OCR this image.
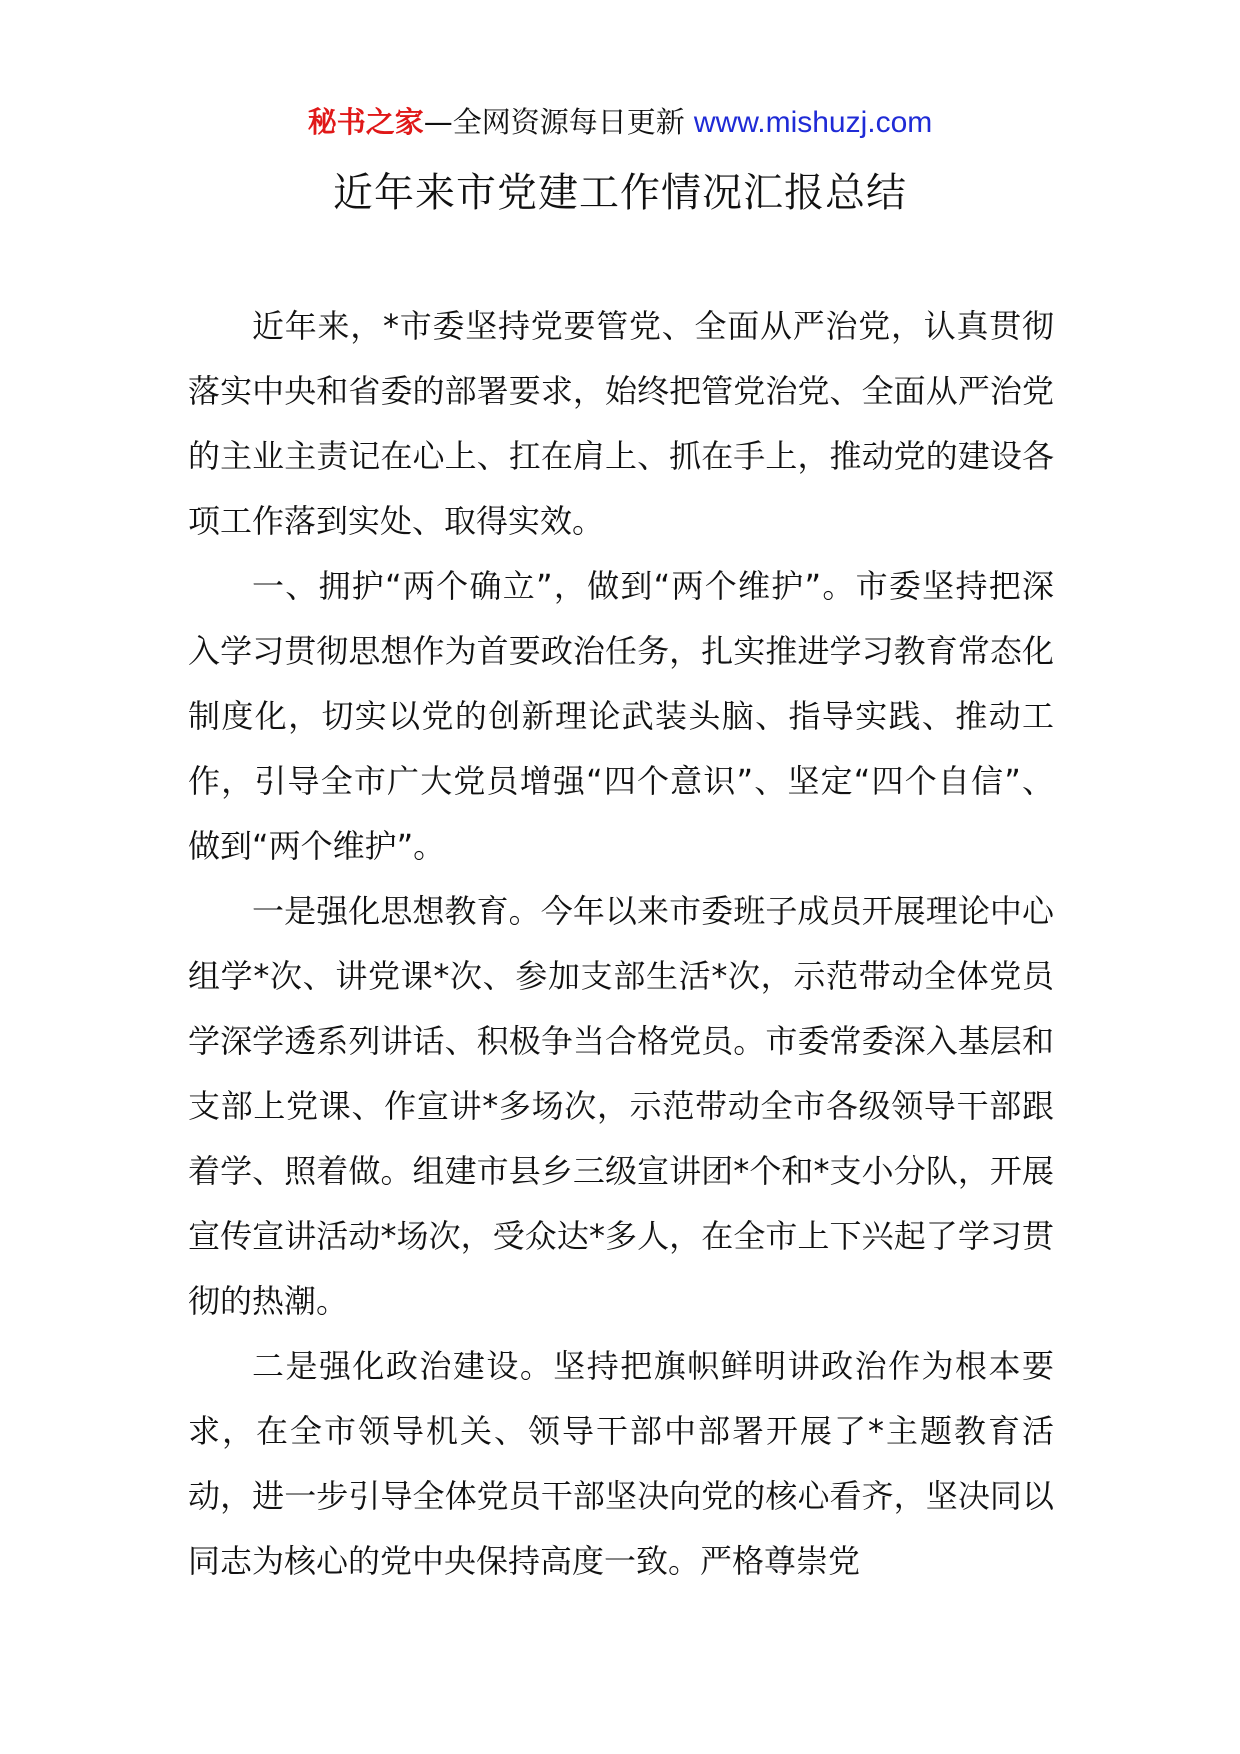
秘书之家—全网资源每日更新 www.mishuzj.com
近年来市党建工作情况汇报总结

近年来，*市委坚持党要管党、全面从严治党，认真贯彻落实中央和省委的部署要求，始终把管党治党、全面从严治党的主业主责记在心上、扛在肩上、抓在手上，推动党的建设各项工作落到实处、取得实效。

一、拥护“两个确立”，做到“两个维护”。市委坚持把深入学习贯彻思想作为首要政治任务，扎实推进学习教育常态化制度化，切实以党的创新理论武装头脑、指导实践、推动工作，引导全市广大党员增强“四个意识”、坚定“四个自信”、做到“两个维护”。

一是强化思想教育。今年以来市委班子成员开展理论中心组学*次、讲党课*次、参加支部生活*次，示范带动全体党员学深学透系列讲话、积极争当合格党员。市委常委深入基层和支部上党课、作宣讲*多场次，示范带动全市各级领导干部跟着学、照着做。组建市县乡三级宣讲团*个和*支小分队，开展宣传宣讲活动*场次，受众达*多人，在全市上下兴起了学习贯彻的热潮。

二是强化政治建设。坚持把旗帜鲜明讲政治作为根本要求，在全市领导机关、领导干部中部署开展了*主题教育活动，进一步引导全体党员干部坚决向党的核心看齐，坚决同以同志为核心的党中央保持高度一致。严格尊崇党
